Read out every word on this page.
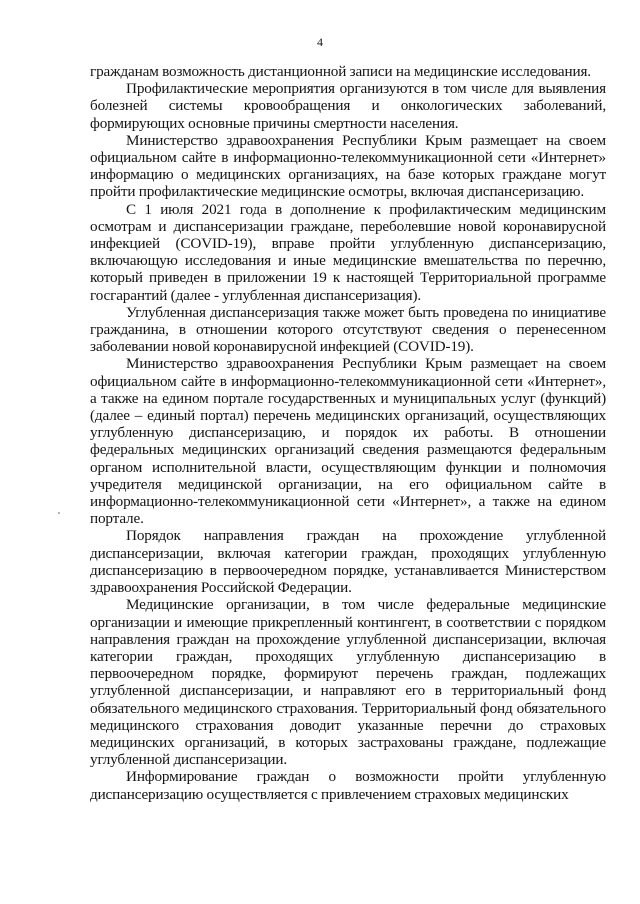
4

гражданам возможность дистанционной записи на медицинские исследования.

Профилактические мероприятия организуются в том числе для выявления болезней системы кровообращения и онкологических заболеваний, формирующих основные причины смертности населения.

Министерство здравоохранения Республики Крым размещает на своем официальном сайте в информационно-телекоммуникационной сети «Интернет» информацию о медицинских организациях, на базе которых граждане могут пройти профилактические медицинские осмотры, включая диспансеризацию.

С 1 июля 2021 года в дополнение к профилактическим медицинским осмотрам и диспансеризации граждане, переболевшие новой коронавирусной инфекцией (COVID-19), вправе пройти углубленную диспансеризацию, включающую исследования и иные медицинские вмешательства по перечню, который приведен в приложении 19 к настоящей Территориальной программе госгарантий (далее - углубленная диспансеризация).

Углубленная диспансеризация также может быть проведена по инициативе гражданина, в отношении которого отсутствуют сведения о перенесенном заболевании новой коронавирусной инфекцией (COVID-19).

Министерство здравоохранения Республики Крым размещает на своем официальном сайте в информационно-телекоммуникационной сети «Интернет», а также на едином портале государственных и муниципальных услуг (функций) (далее – единый портал) перечень медицинских организаций, осуществляющих углубленную диспансеризацию, и порядок их работы. В отношении федеральных медицинских организаций сведения размещаются федеральным органом исполнительной власти, осуществляющим функции и полномочия учредителя медицинской организации, на его официальном сайте в информационно-телекоммуникационной сети «Интернет», а также на едином портале.

Порядок направления граждан на прохождение углубленной диспансеризации, включая категории граждан, проходящих углубленную диспансеризацию в первоочередном порядке, устанавливается Министерством здравоохранения Российской Федерации.

Медицинские организации, в том числе федеральные медицинские организации и имеющие прикрепленный контингент, в соответствии с порядком направления граждан на прохождение углубленной диспансеризации, включая категории граждан, проходящих углубленную диспансеризацию в первоочередном порядке, формируют перечень граждан, подлежащих углубленной диспансеризации, и направляют его в территориальный фонд обязательного медицинского страхования. Территориальный фонд обязательного медицинского страхования доводит указанные перечни до страховых медицинских организаций, в которых застрахованы граждане, подлежащие углубленной диспансеризации.

Информирование граждан о возможности пройти углубленную диспансеризацию осуществляется с привлечением страховых медицинских
